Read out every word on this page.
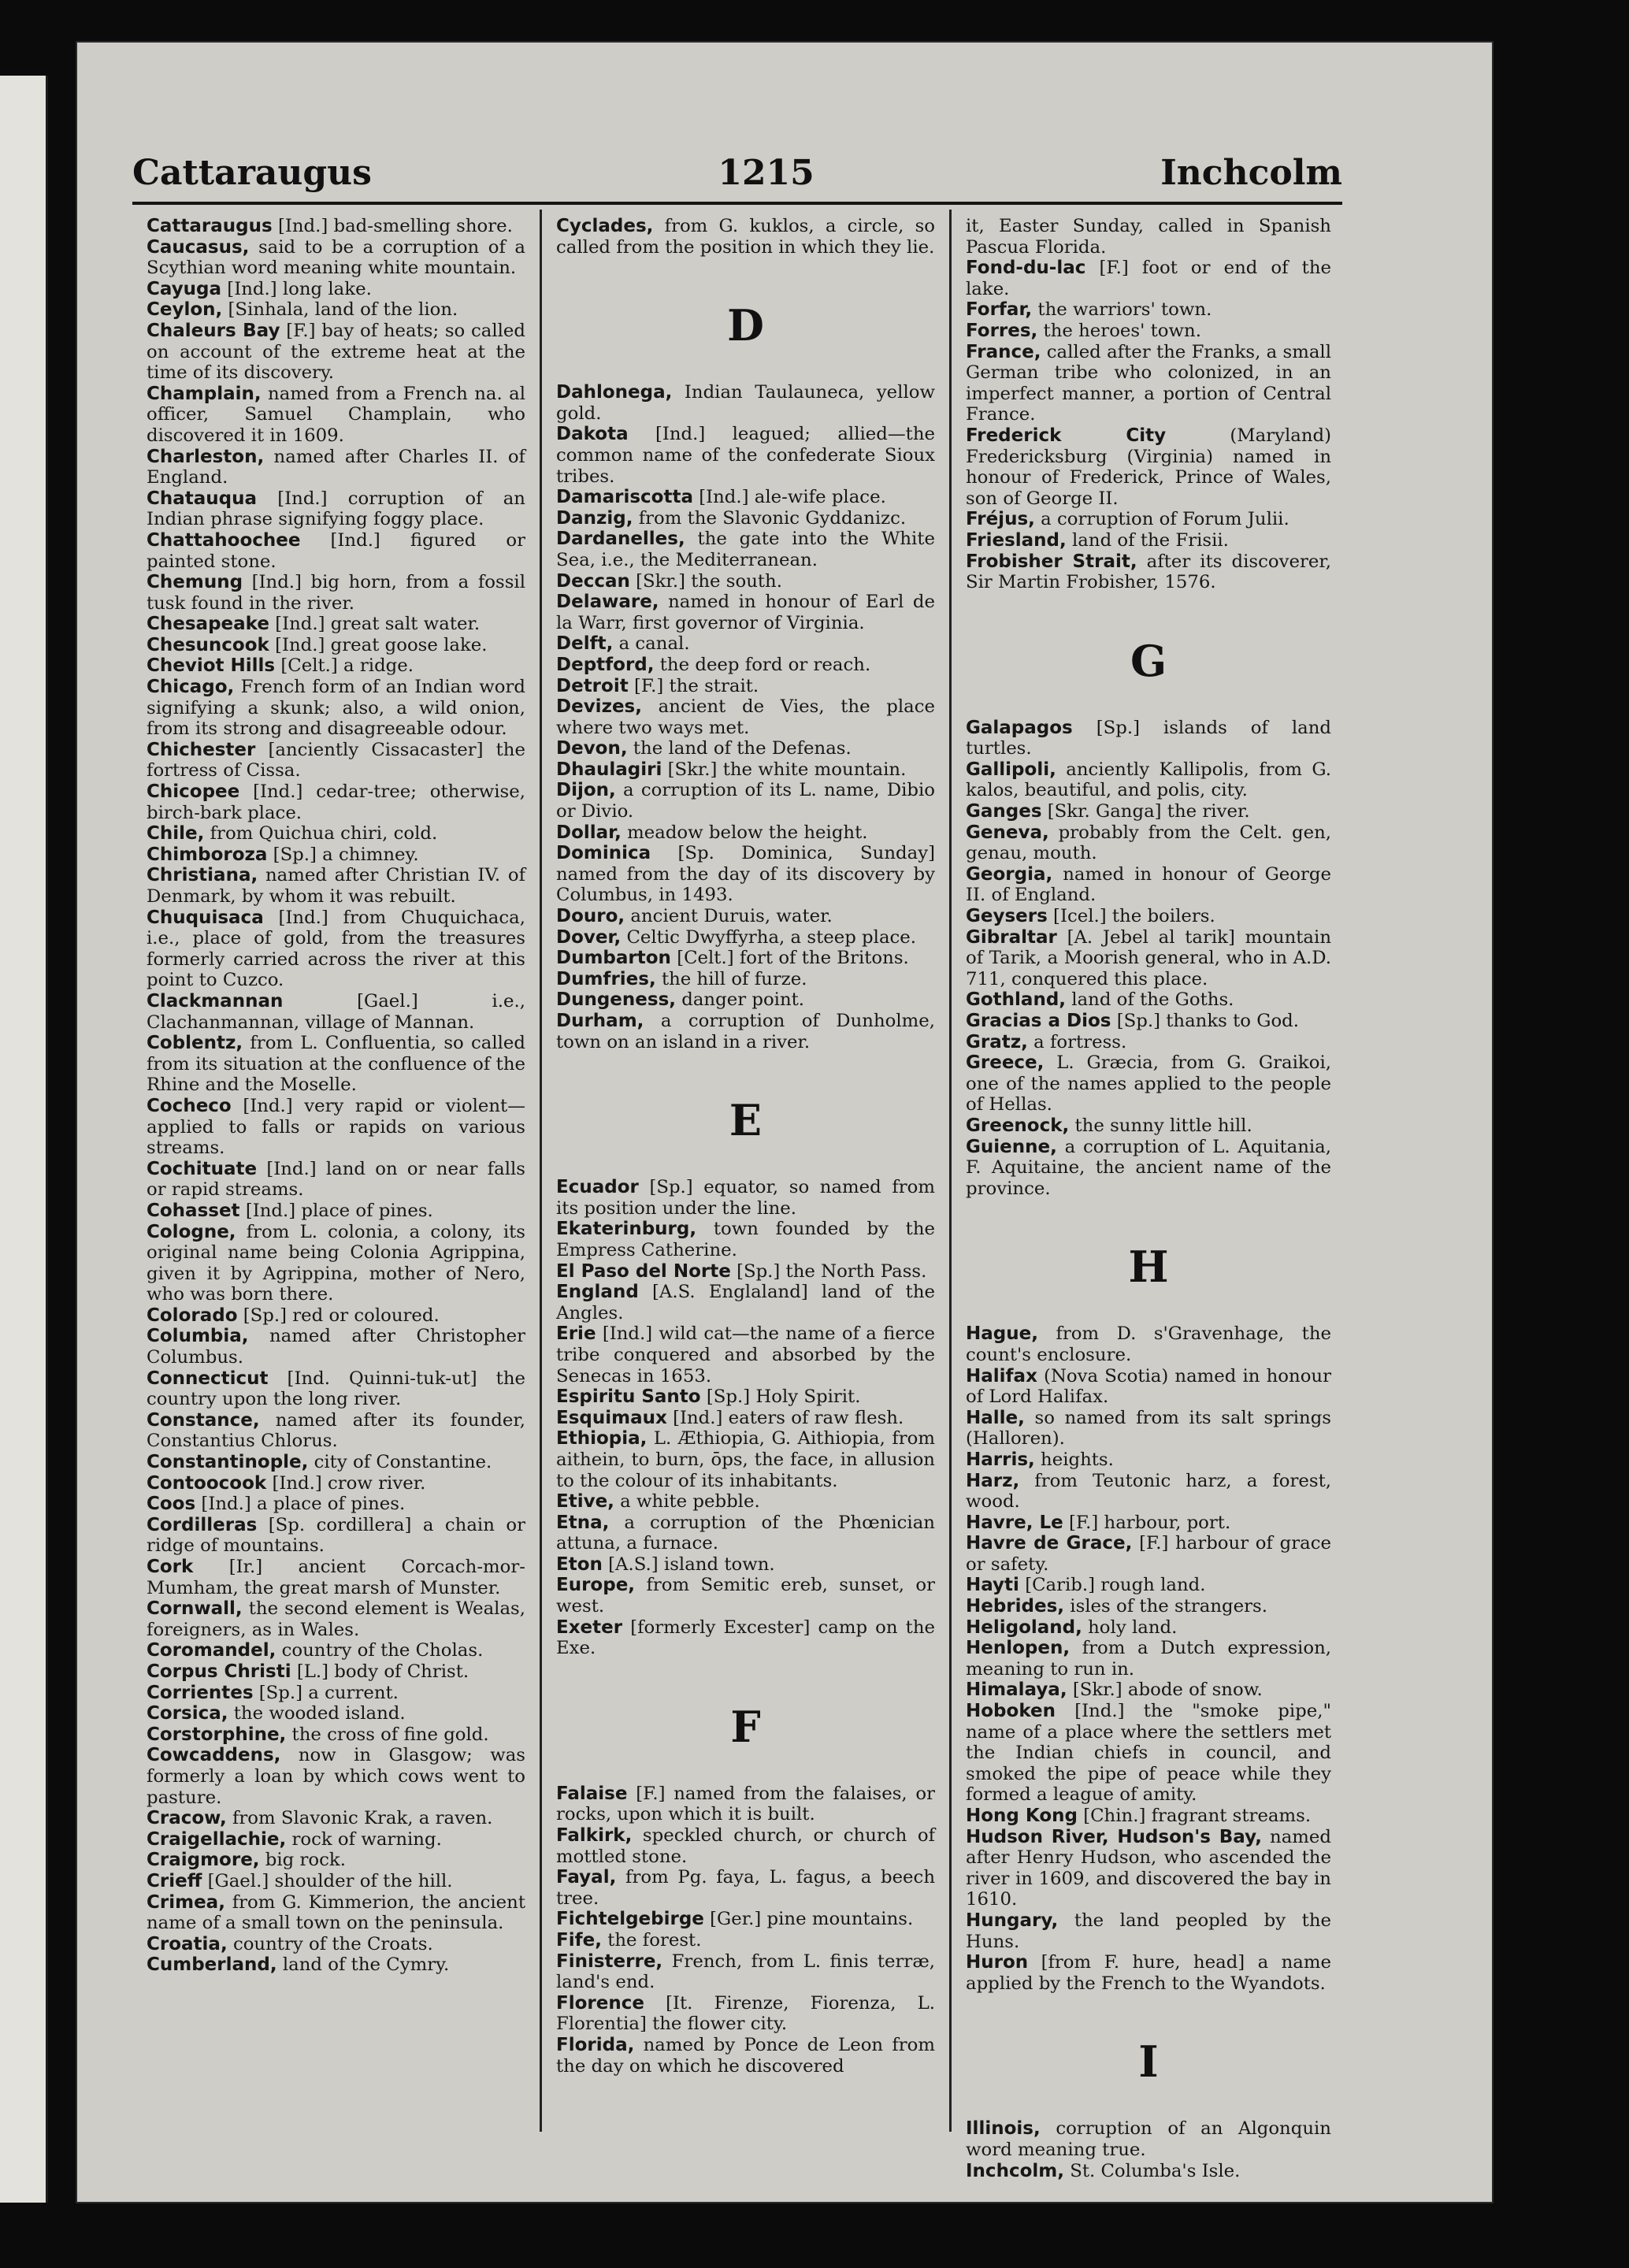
Cattaraugus	1215	Inchcolm
Cattaraugus [Ind.] bad-smelling shore.
Caucasus, said to be a corruption of a Scythian word meaning white mountain.
Cayuga [Ind.] long lake.
Ceylon, [Sinhala, land of the lion.
Chaleurs Bay [F.] bay of heats; so called on account of the extreme heat at the time of its discovery.
Champlain, named from a French na. al officer, Samuel Champlain, who discovered it in 1609.
Charleston, named after Charles II. of England.
Chatauqua [Ind.] corruption of an Indian phrase signifying foggy place.
Chattahoochee [Ind.] figured or painted stone.
Chemung [Ind.] big horn, from a fossil tusk found in the river.
Chesapeake [Ind.] great salt water.
Chesuncook [Ind.] great goose lake.
Cheviot Hills [Celt.] a ridge.
Chicago, French form of an Indian word signifying a skunk; also, a wild onion, from its strong and disagreeable odour.
Chichester [anciently Cissacaster] the fortress of Cissa.
Chicopee [Ind.] cedar-tree; otherwise, birch-bark place.
Chile, from Quichua chiri, cold.
Chimboroza [Sp.] a chimney.
Christiana, named after Christian IV. of Denmark, by whom it was rebuilt.
Chuquisaca [Ind.] from Chuquichaca, i.e., place of gold, from the treasures formerly carried across the river at this point to Cuzco.
Clackmannan	[Gael.] i.e., Clachanmannan, village of Mannan.
Coblentz, from L. Confluentia, so called from its situation at the confluence of the Rhine and the Moselle.
Cocheco [Ind.] very rapid or violent—applied to falls or rapids on various streams.
Cochituate [Ind.] land on or near falls or rapid streams.
Cohasset [Ind.] place of pines.
Cologne, from L. colonia, a colony, its original name being Colonia Agrippina, given it by Agrippina, mother of Nero, who was born there.
Colorado [Sp.] red or coloured.
Columbia, named after Christopher Columbus.
Connecticut [Ind. Quinni-tuk-ut] the country upon the long river.
Constance, named after its founder, Constantius Chlorus.
Constantinople, city of Constantine.
Contoocook [Ind.] crow river.
Coos [Ind.] a place of pines.
Cordilleras [Sp. cordillera] a chain or ridge of mountains.
Cork [Ir.] ancient Corcach-mor-Mumham, the great marsh of Munster.
Cornwall, the second element is Wealas, foreigners, as in Wales.
Coromandel, country of the Cholas.
Corpus Christi [L.] body of Christ.
Corrientes [Sp.] a current.
Corsica, the wooded island.
Corstorphine, the cross of fine gold.
Cowcaddens, now in Glasgow; was formerly a loan by which cows went to pasture.
Cracow, from Slavonic Krak, a raven.
Craigellachie, rock of warning.
Craigmore, big rock.
Crieff [Gael.] shoulder of the hill.
Crimea, from G. Kimmerion, the ancient name of a small town on the peninsula.
Croatia, country of the Croats.
Cumberland, land of the Cymry.
Cyclades, from G. kuklos, a circle, so called from the position in which they lie.
D
Dahlonega, Indian Taulauneca, yellow gold.
Dakota [Ind.] leagued; allied—the common name of the confederate Sioux tribes.
Damariscotta [Ind.] ale-wife place.
Danzig, from the Slavonic Gyddanizc.
Dardanelles, the gate into the White Sea, i.e., the Mediterranean.
Deccan [Skr.] the south.
Delaware, named in honour of Earl de la Warr, first governor of Virginia.
Delft, a canal.
Deptford, the deep ford or reach.
Detroit [F.] the strait.
Devizes, ancient de Vies, the place where two ways met.
Devon, the land of the Defenas.
Dhaulagiri [Skr.] the white mountain.
Dijon, a corruption of its L. name, Dibio or Divio.
Dollar, meadow below the height.
Dominica [Sp. Dominica, Sunday] named from the day of its discovery by Columbus, in 1493.
Douro, ancient Duruis, water.
Dover, Celtic Dwyffyrha, a steep place.
Dumbarton [Celt.] fort of the Britons.
Dumfries, the hill of furze.
Dungeness, danger point.
Durham, a corruption of Dunholme, town on an island in a river.
E
Ecuador [Sp.] equator, so named from its position under the line.
Ekaterinburg, town founded by the Empress Catherine.
El Paso del Norte [Sp.] the North Pass.
England [A.S. Englaland] land of the Angles.
Erie [Ind.] wild cat—the name of a fierce tribe conquered and absorbed by the Senecas in 1653.
Espiritu Santo [Sp.] Holy Spirit.
Esquimaux [Ind.] eaters of raw flesh.
Ethiopia, L. Æthiopia, G. Aithiopia, from aithein, to burn, ōps, the face, in allusion to the colour of its inhabitants.
Etive, a white pebble.
Etna, a corruption of the Phœnician attuna, a furnace.
Eton [A.S.] island town.
Europe, from Semitic ereb, sunset, or west.
Exeter [formerly Excester] camp on the Exe.
F
Falaise [F.] named from the falaises, or rocks, upon which it is built.
Falkirk, speckled church, or church of mottled stone.
Fayal, from Pg. faya, L. fagus, a beech tree.
Fichtelgebirge [Ger.] pine mountains.
Fife, the forest.
Finisterre, French, from L. finis terræ, land's end.
Florence [It. Firenze, Fiorenza, L. Florentia] the flower city.
Florida, named by Ponce de Leon from the day on which he discovered
it, Easter Sunday, called in Spanish Pascua Florida.
Fond-du-lac [F.] foot or end of the lake.
Forfar, the warriors' town.
Forres, the heroes' town.
France, called after the Franks, a small German tribe who colonized, in an imperfect manner, a portion of Central France.
Frederick City	(Maryland) Fredericksburg (Virginia) named in honour of Frederick, Prince of Wales, son of George II.
Fréjus, a corruption of Forum Julii.
Friesland, land of the Frisii.
Frobisher Strait, after its discoverer, Sir Martin Frobisher, 1576.
G
Galapagos [Sp.] islands of land turtles.
Gallipoli, anciently Kallipolis, from G. kalos, beautiful, and polis, city.
Ganges [Skr. Ganga] the river.
Geneva, probably from the Celt. gen, genau, mouth.
Georgia, named in honour of George II. of England.
Geysers [Icel.] the boilers.
Gibraltar [A. Jebel al tarik] mountain of Tarik, a Moorish general, who in A.D. 711, conquered this place.
Gothland, land of the Goths.
Gracias a Dios [Sp.] thanks to God.
Gratz, a fortress.
Greece, L. Græcia, from G. Graikoi, one of the names applied to the people of Hellas.
Greenock, the sunny little hill.
Guienne, a corruption of L. Aquitania, F. Aquitaine, the ancient name of the province.
H
Hague, from D. s'Gravenhage, the count's enclosure.
Halifax (Nova Scotia) named in honour of Lord Halifax.
Halle, so named from its salt springs (Halloren).
Harris, heights.
Harz, from Teutonic harz, a forest, wood.
Havre, Le [F.] harbour, port.
Havre de Grace, [F.] harbour of grace or safety.
Hayti [Carib.] rough land.
Hebrides, isles of the strangers.
Heligoland, holy land.
Henlopen, from a Dutch expression, meaning to run in.
Himalaya, [Skr.] abode of snow.
Hoboken [Ind.] the "smoke pipe," name of a place where the settlers met the Indian chiefs in council, and smoked the pipe of peace while they formed a league of amity.
Hong Kong [Chin.] fragrant streams.
Hudson River, Hudson's Bay, named after Henry Hudson, who ascended the river in 1609, and discovered the bay in 1610.
Hungary, the land peopled by the Huns.
Huron [from F. hure, head] a name applied by the French to the Wyandots.
I
Illinois, corruption of an Algonquin word meaning true.
Inchcolm, St. Columba's Isle.
